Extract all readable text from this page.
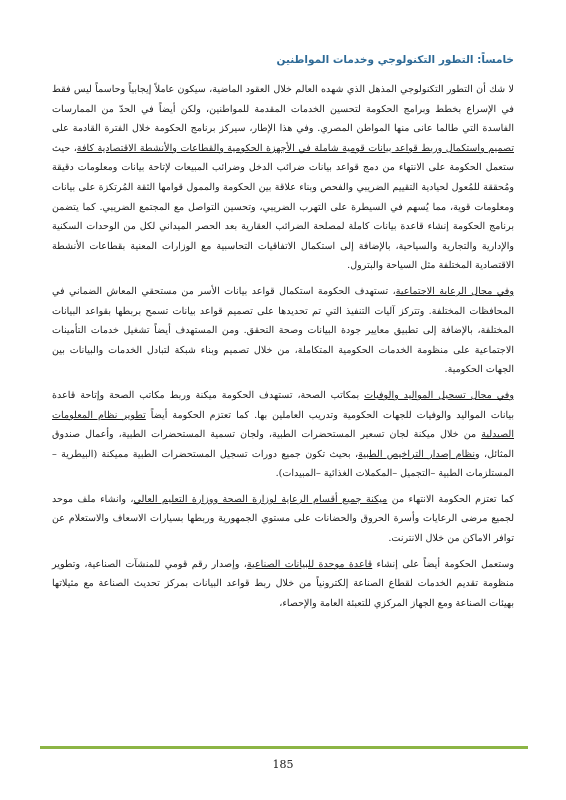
خامساً: التطور التكنولوجي وخدمات المواطنين

لا شك أن التطور التكنولوجي المذهل الذي شهده العالم خلال العقود الماضية، سيكون عاملاً إيجابياً وحاسماً ليس فقط في الإسراع بخطط وبرامج الحكومة لتحسين الخدمات المقدمة للمواطنين، ولكن أيضاً في الحدّ من الممارسات الفاسدة التي طالما عانى منها المواطن المصري. وفي هذا الإطار، سيركز برنامج الحكومة خلال الفترة القادمة على تصميم واستكمال وربط قواعد بيانات قومية شاملة في الأجهزة الحكومية والقطاعات والأنشطة الاقتصادية كافة، حيث ستعمل الحكومة على الانتهاء من دمج قواعد بيانات ضرائب الدخل وضرائب المبيعات لإتاحة بيانات ومعلومات دقيقة ومُحققة للمُعول لحيادية التقييم الضريبي والفحص وبناء علاقة بين الحكومة والممول قوامها الثقة المُرتكزة على بيانات ومعلومات قوية، مما يُسهم في السيطرة على التهرب الضريبي، وتحسين التواصل مع المجتمع الضريبي. كما يتضمن برنامج الحكومة إنشاء قاعدة بيانات كاملة لمصلحة الضرائب العقارية بعد الحصر الميداني لكل من الوحدات السكنية والإدارية والتجارية والسياحية، بالإضافة إلى استكمال الاتفاقيات التحاسبية مع الوزارات المعنية بقطاعات الأنشطة الاقتصادية المختلفة مثل السياحة والبترول.

وفي مجال الرعاية الاجتماعية، تستهدف الحكومة استكمال قواعد بيانات الأسر من مستحقي المعاش الضماني في المحافظات المختلفة. وتتركز آليات التنفيذ التي تم تحديدها على تصميم قواعد بيانات تسمح بربطها بقواعد البيانات المختلفة، بالإضافة إلى تطبيق معايير جودة البيانات وصحة التحقق. ومن المستهدف أيضاً تشغيل خدمات التأمينات الاجتماعية على منظومة الخدمات الحكومية المتكاملة، من خلال تصميم وبناء شبكة لتبادل الخدمات والبيانات بين الجهات الحكومية.

وفي مجال تسجيل المواليد والوفيات بمكاتب الصحة، تستهدف الحكومة ميكنة وربط مكاتب الصحة وإتاحة قاعدة بيانات المواليد والوفيات للجهات الحكومية وتدريب العاملين بها. كما تعتزم الحكومة أيضاً تطوير نظام المعلومات الصيدلية من خلال ميكنة لجان تسعير المستحضرات الطبية، ولجان تسمية المستحضرات الطبية، وأعمال صندوق المثائل، ونظام إصدار التراخيص الطبية، بحيث تكون جميع دورات تسجيل المستحضرات الطبية مميكنة (البيطرية –المستلزمات الطبية –التجميل –المكملات الغذائية –المبيدات).

كما تعتزم الحكومة الانتهاء من ميكنة جميع أقسام الرعاية لوزارة الصحة ووزارة التعليم العالي، وانشاء ملف موحد لجميع مرضى الرعايات وأسرة الحروق والحضانات على مستوي الجمهورية وربطها بسيارات الاسعاف والاستعلام عن توافر الاماكن من خلال الانترنت.

وستعمل الحكومة أيضاً على إنشاء قاعدة موحدة للبيانات الصناعية، وإصدار رقم قومي للمنشآت الصناعية، وتطوير منظومة تقديم الخدمات لقطاع الصناعة إلكترونياً من خلال ربط قواعد البيانات بمركز تحديث الصناعة مع مثيلاتها بهيئات الصناعة ومع الجهاز المركزي للتعبئة العامة والإحصاء،

185
